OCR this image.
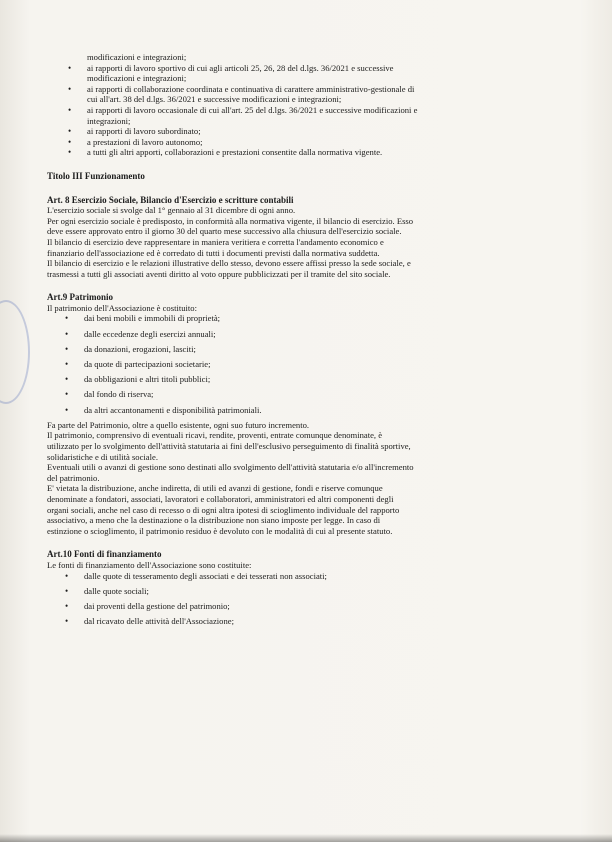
modificazioni e integrazioni;
• ai rapporti di lavoro sportivo di cui agli articoli 25, 26, 28 del d.lgs. 36/2021 e successive
modificazioni e integrazioni;
• ai rapporti di collaborazione coordinata e continuativa di carattere amministrativo-gestionale di
cui all'art. 38 del d.lgs. 36/2021 e successive modificazioni e integrazioni;
• ai rapporti di lavoro occasionale di cui all'art. 25 del d.lgs. 36/2021 e successive modificazioni e
integrazioni;
• ai rapporti di lavoro subordinato;
• a prestazioni di lavoro autonomo;
• a tutti gli altri apporti, collaborazioni e prestazioni consentite dalla normativa vigente.
Titolo III Funzionamento
Art. 8 Esercizio Sociale, Bilancio d'Esercizio e scritture contabili
L'esercizio sociale si svolge dal 1° gennaio al 31 dicembre di ogni anno.
Per ogni esercizio sociale è predisposto, in conformità alla normativa vigente, il bilancio di esercizio. Esso
deve essere approvato entro il giorno 30 del quarto mese successivo alla chiusura dell'esercizio sociale.
Il bilancio di esercizio deve rappresentare in maniera veritiera e corretta l'andamento economico e
finanziario dell'associazione ed è corredato di tutti i documenti previsti dalla normativa suddetta.
Il bilancio di esercizio e le relazioni illustrative dello stesso, devono essere affissi presso la sede sociale, e
trasmessi a tutti gli associati aventi diritto al voto oppure pubblicizzati per il tramite del sito sociale.
Art.9 Patrimonio
Il patrimonio dell'Associazione è costituito:
• dai beni mobili e immobili di proprietà;
• dalle eccedenze degli esercizi annuali;
• da donazioni, erogazioni, lasciti;
• da quote di partecipazioni societarie;
• da obbligazioni e altri titoli pubblici;
• dal fondo di riserva;
• da altri accantonamenti e disponibilità patrimoniali.
Fa parte del Patrimonio, oltre a quello esistente, ogni suo futuro incremento.
Il patrimonio, comprensivo di eventuali ricavi, rendite, proventi, entrate comunque denominate, è
utilizzato per lo svolgimento dell'attività statutaria ai fini dell'esclusivo perseguimento di finalità sportive,
solidaristiche e di utilità sociale.
Eventuali utili o avanzi di gestione sono destinati allo svolgimento dell'attività statutaria e/o all'incremento
del patrimonio.
E' vietata la distribuzione, anche indiretta, di utili ed avanzi di gestione, fondi e riserve comunque
denominate a fondatori, associati, lavoratori e collaboratori, amministratori ed altri componenti degli
organi sociali, anche nel caso di recesso o di ogni altra ipotesi di scioglimento individuale del rapporto
associativo, a meno che la destinazione o la distribuzione non siano imposte per legge. In caso di
estinzione o scioglimento, il patrimonio residuo è devoluto con le modalità di cui al presente statuto.
Art.10 Fonti di finanziamento
Le fonti di finanziamento dell'Associazione sono costituite:
• dalle quote di tesseramento degli associati e dei tesserati non associati;
• dalle quote sociali;
• dai proventi della gestione del patrimonio;
• dal ricavato delle attività dell'Associazione;
